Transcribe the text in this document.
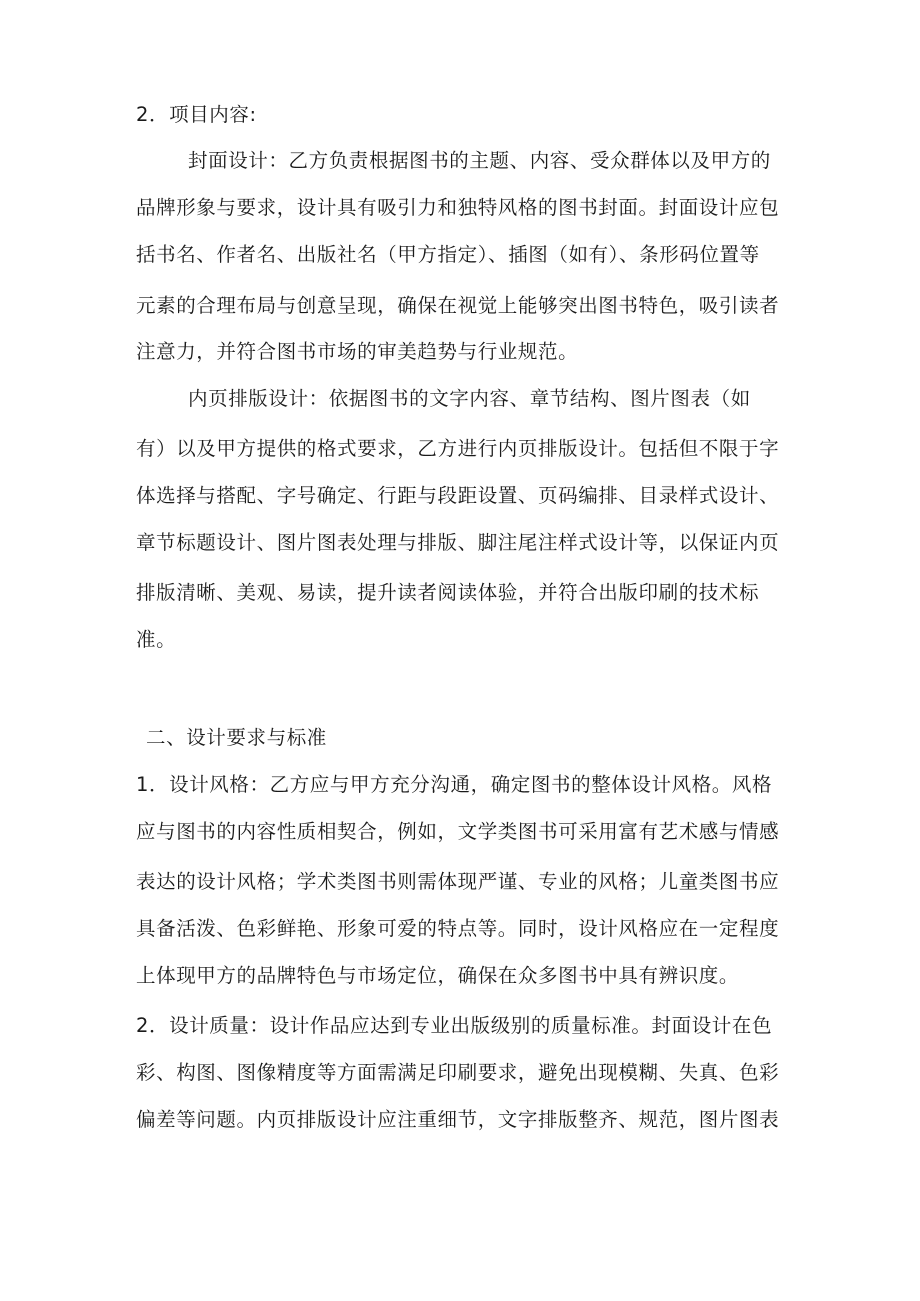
2．项目内容:
封面设计：乙方负责根据图书的主题、内容、受众群体以及甲方的
品牌形象与要求，设计具有吸引力和独特风格的图书封面。封面设计应包
括书名、作者名、出版社名（甲方指定）、插图（如有）、条形码位置等
元素的合理布局与创意呈现，确保在视觉上能够突出图书特色，吸引读者
注意力，并符合图书市场的审美趋势与行业规范。
内页排版设计：依据图书的文字内容、章节结构、图片图表（如
有）以及甲方提供的格式要求，乙方进行内页排版设计。包括但不限于字
体选择与搭配、字号确定、行距与段距设置、页码编排、目录样式设计、
章节标题设计、图片图表处理与排版、脚注尾注样式设计等，以保证内页
排版清晰、美观、易读，提升读者阅读体验，并符合出版印刷的技术标
准。
二、设计要求与标准
1．设计风格：乙方应与甲方充分沟通，确定图书的整体设计风格。风格
应与图书的内容性质相契合，例如，文学类图书可采用富有艺术感与情感
表达的设计风格；学术类图书则需体现严谨、专业的风格；儿童类图书应
具备活泼、色彩鲜艳、形象可爱的特点等。同时，设计风格应在一定程度
上体现甲方的品牌特色与市场定位，确保在众多图书中具有辨识度。
2．设计质量：设计作品应达到专业出版级别的质量标准。封面设计在色
彩、构图、图像精度等方面需满足印刷要求，避免出现模糊、失真、色彩
偏差等问题。内页排版设计应注重细节，文字排版整齐、规范，图片图表
